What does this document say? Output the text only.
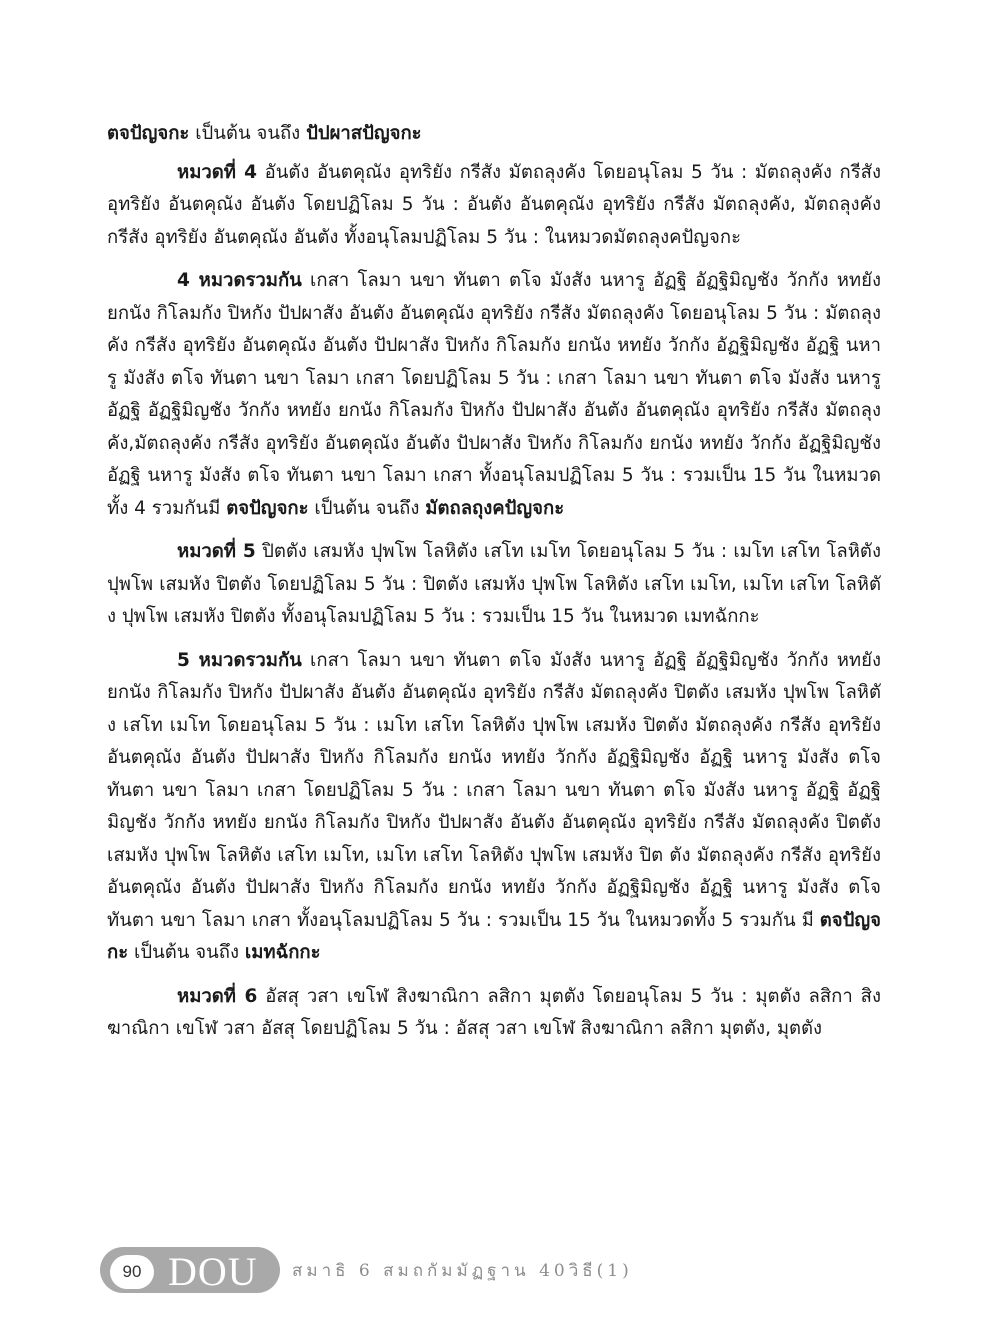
ตจปัญจกะ เป็นต้น จนถึง ปัปผาสปัญจกะ

หมวดที่ 4 อันตัง อันตคุณัง อุทริยัง กรีสัง มัตถลุงคัง โดยอนุโลม 5 วัน : มัตถลุงคัง กรีสัง อุทริยัง อันตคุณัง อันตัง โดยปฏิโลม 5 วัน : อันตัง อันตคุณัง อุทริยัง กรีสัง มัตถลุงคัง, มัตถลุงคัง กรีสัง อุทริยัง อันตคุณัง อันตัง ทั้งอนุโลมปฏิโลม 5 วัน : ในหมวดมัตถลุงคปัญจกะ

4 หมวดรวมกัน เกสา โลมา นขา ทันตา ตโจ มังสัง นหารู อัฏฐิ อัฏฐิมิญชัง วักกัง หทยัง ยกนัง กิโลมกัง ปิหกัง ปัปผาสัง อันตัง อันตคุณัง อุทริยัง กรีสัง มัตถลุงคัง โดยอนุโลม 5 วัน : มัตถลุงคัง กรีสัง อุทริยัง อันตคุณัง อันตัง ปัปผาสัง ปิหกัง กิโลมกัง ยกนัง หทยัง วักกัง อัฏฐิมิญชัง อัฏฐิ นหารู มังสัง ตโจ ทันตา นขา โลมา เกสา โดยปฏิโลม 5 วัน : เกสา โลมา นขา ทันตา ตโจ มังสัง นหารู อัฏฐิ อัฏฐิมิญชัง วักกัง หทยัง ยกนัง กิโลมกัง ปิหกัง ปัปผาสัง อันตัง อันตคุณัง อุทริยัง กรีสัง มัตถลุงคัง,มัตถลุงคัง กรีสัง อุทริยัง อันตคุณัง อันตัง ปัปผาสัง ปิหกัง กิโลมกัง ยกนัง หทยัง วักกัง อัฏฐิมิญชัง อัฏฐิ นหารู มังสัง ตโจ ทันตา นขา โลมา เกสา ทั้งอนุโลมปฏิโลม 5 วัน : รวมเป็น 15 วัน ในหมวดทั้ง 4 รวมกันมี ตจปัญจกะ เป็นต้น จนถึง มัตถลถุงคปัญจกะ

หมวดที่ 5 ปิตตัง เสมหัง ปุพโพ โลหิตัง เสโท เมโท โดยอนุโลม 5 วัน : เมโท เสโท โลหิตัง ปุพโพ เสมหัง ปิตตัง โดยปฏิโลม 5 วัน : ปิตตัง เสมหัง ปุพโพ โลหิตัง เสโท เมโท, เมโท เสโท โลหิตัง ปุพโพ เสมหัง ปิตตัง ทั้งอนุโลมปฏิโลม 5 วัน : รวมเป็น 15 วัน ในหมวด เมทฉักกะ

5 หมวดรวมกัน เกสา โลมา นขา ทันตา ตโจ มังสัง นหารู อัฏฐิ อัฏฐิมิญชัง วักกัง หทยัง ยกนัง กิโลมกัง ปิหกัง ปัปผาสัง อันตัง อันตคุณัง อุทริยัง กรีสัง มัตถลุงคัง ปิตตัง เสมหัง ปุพโพ โลหิตัง เสโท เมโท โดยอนุโลม 5 วัน : เมโท เสโท โลหิตัง ปุพโพ เสมหัง ปิตตัง มัตถลุงคัง กรีสัง อุทริยัง อันตคุณัง อันตัง ปัปผาสัง ปิหกัง กิโลมกัง ยกนัง หทยัง วักกัง อัฏฐิมิญชัง อัฏฐิ นหารู มังสัง ตโจ ทันตา นขา โลมา เกสา โดยปฏิโลม 5 วัน : เกสา โลมา นขา ทันตา ตโจ มังสัง นหารู อัฏฐิ อัฏฐิมิญชัง วักกัง หทยัง ยกนัง กิโลมกัง ปิหกัง ปัปผาสัง อันตัง อันตคุณัง อุทริยัง กรีสัง มัตถลุงคัง ปิตตัง เสมหัง ปุพโพ โลหิตัง เสโท เมโท, เมโท เสโท โลหิตัง ปุพโพ เสมหัง ปิต ตัง มัตถลุงคัง กรีสัง อุทริยัง อันตคุณัง อันตัง ปัปผาสัง ปิหกัง กิโลมกัง ยกนัง หทยัง วักกัง อัฏฐิมิญชัง อัฏฐิ นหารู มังสัง ตโจ ทันตา นขา โลมา เกสา ทั้งอนุโลมปฏิโลม 5 วัน : รวมเป็น 15 วัน ในหมวดทั้ง 5 รวมกัน มี ตจปัญจกะ เป็นต้น จนถึง เมทฉักกะ

หมวดที่ 6 อัสสุ วสา เขโฬ สิงฆาณิกา ลสิกา มุตตัง โดยอนุโลม 5 วัน : มุตตัง ลสิกา สิงฆาณิกา เขโฬ วสา อัสสุ โดยปฏิโลม 5 วัน : อัสสุ วสา เขโฬ สิงฆาณิกา ลสิกา มุตตัง, มุตตัง

90 DOU สมาธิ 6 สมถกัมมัฏฐาน 40วิธี(1)
